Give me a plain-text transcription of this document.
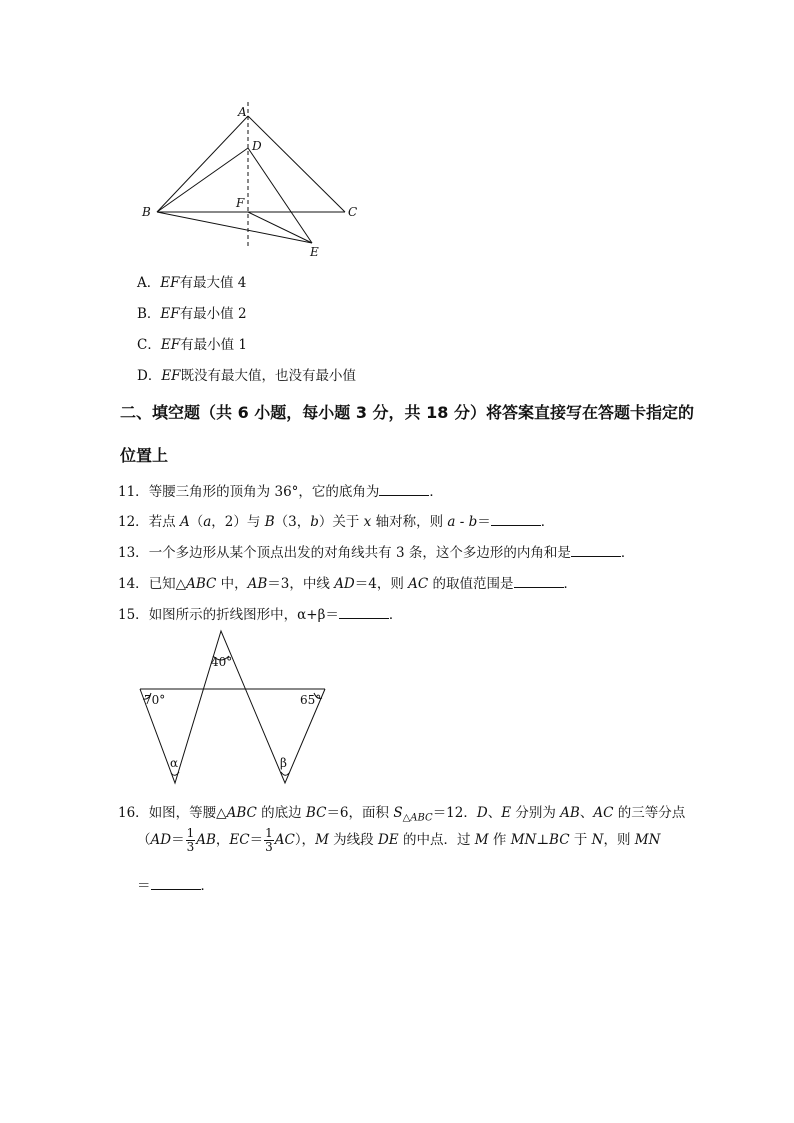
A
D
B
F
C
E
A．EF有最大值 4
B．EF有最小值 2
C．EF有最小值 1
D．EF既没有最大值，也没有最小值
二、填空题（共 6 小题，每小题 3 分，共 18 分）将答案直接写在答题卡指定的
位置上
11．等腰三角形的顶角为 36°，它的底角为	．
12．若点 A（a，2）与 B（3，b）关于 x 轴对称，则 a - b＝	．
13．一个多边形从某个顶点出发的对角线共有 3 条，这个多边形的内角和是	．
14．已知△ABC 中，AB＝3，中线 AD＝4，则 AC 的取值范围是	．
15．如图所示的折线图形中，α+β＝	．
40°
70°	65°
α	β
16．如图，等腰△ABC 的底边 BC＝6，面积 $S_{\triangle ABC}=12$．D、E 分别为 AB、AC 的三等分点
（$AD= \frac{1}{3}$ AB，$EC= \frac{1}{3} AC$），M 为线段 DE 的中点．过 M 作 MN⊥BC 于 N，则 MN
＝	．
